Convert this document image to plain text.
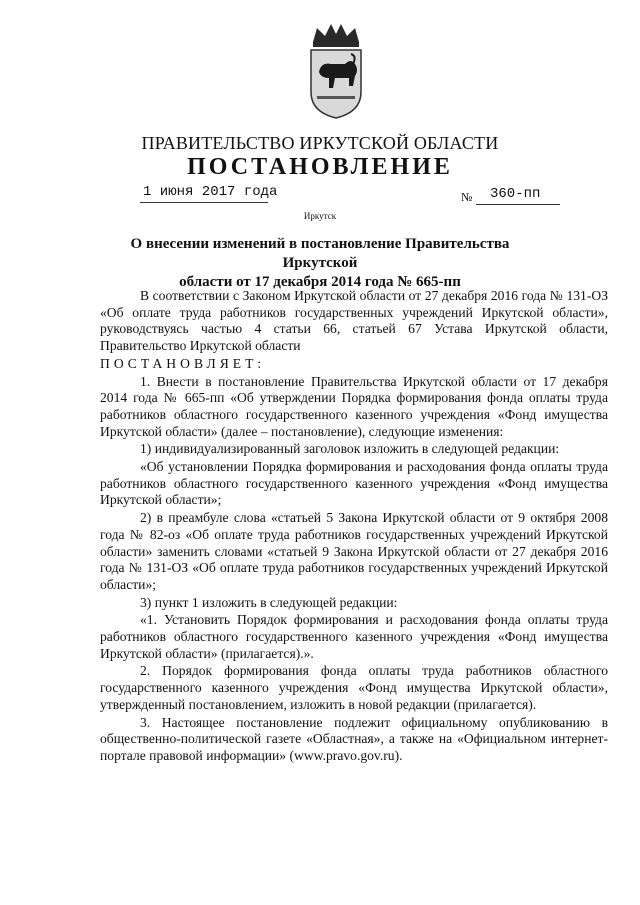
ПРАВИТЕЛЬСТВО ИРКУТСКОЙ ОБЛАСТИ
ПОСТАНОВЛЕНИЕ
1 июня 2017 года	№ 360-пп
Иркутск
О внесении изменений в постановление Правительства Иркутской
области от 17 декабря 2014 года № 665-пп

В соответствии с Законом Иркутской области от 27 декабря 2016 года № 131-ОЗ «Об оплате труда работников государственных учреждений Иркутской области», руководствуясь частью 4 статьи 66, статьей 67 Устава Иркутской области, Правительство Иркутской области

ПОСТАНОВЛЯЕТ:

1. Внести в постановление Правительства Иркутской области от 17 декабря 2014 года № 665-пп «Об утверждении Порядка формирования фонда оплаты труда работников областного государственного казенного учреждения «Фонд имущества Иркутской области» (далее – постановление), следующие изменения:

1) индивидуализированный заголовок изложить в следующей редакции:

«Об установлении Порядка формирования и расходования фонда оплаты труда работников областного государственного казенного учреждения «Фонд имущества Иркутской области»;

2) в преамбуле слова «статьей 5 Закона Иркутской области от 9 октября 2008 года № 82-оз «Об оплате труда работников государственных учреждений Иркутской области» заменить словами «статьей 9 Закона Иркутской области от 27 декабря 2016 года № 131-ОЗ «Об оплате труда работников государственных учреждений Иркутской области»;

3) пункт 1 изложить в следующей редакции:

«1. Установить Порядок формирования и расходования фонда оплаты труда работников областного государственного казенного учреждения «Фонд имущества Иркутской области» (прилагается).».

2. Порядок формирования фонда оплаты труда работников областного государственного казенного учреждения «Фонд имущества Иркутской области», утвержденный постановлением, изложить в новой редакции (прилагается).

3. Настоящее постановление подлежит официальному опубликованию в общественно-политической газете «Областная», а также на «Официальном интернет-портале правовой информации» (www.pravo.gov.ru).
